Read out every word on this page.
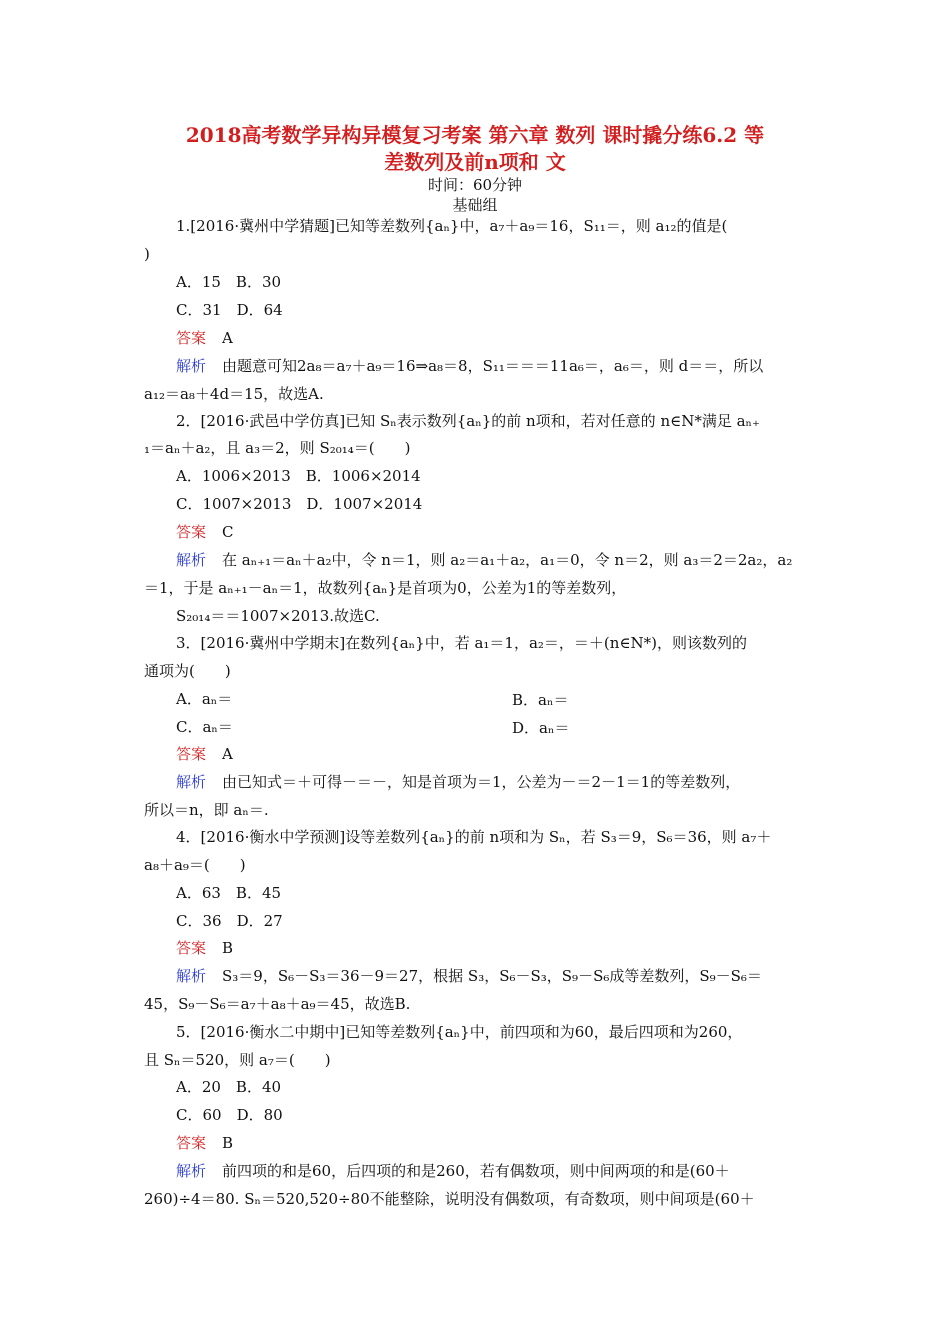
2018高考数学异构异模复习考案 第六章 数列 课时撬分练6.2 等
差数列及前n项和 文
时间：60分钟
基础组
1.[2016·冀州中学猜题]已知等差数列{aₙ}中，a₇＋a₉＝16，S₁₁＝，则 a₁₂的值是(
)
A．15　B．30
C．31　D．64
答案 A
解析 由题意可知2a₈＝a₇＋a₉＝16⇒a₈＝8，S₁₁＝＝＝11a₆＝，a₆＝，则 d＝＝，所以
a₁₂＝a₈＋4d＝15，故选A.
2．[2016·武邑中学仿真]已知 Sₙ表示数列{aₙ}的前 n项和，若对任意的 n∈N*满足 aₙ₊
₁＝aₙ＋a₂，且 a₃＝2，则 S₂₀₁₄＝(　　)
A．1006×2013　B．1006×2014
C．1007×2013　D．1007×2014
答案 C
解析 在 aₙ₊₁＝aₙ＋a₂中，令 n＝1，则 a₂＝a₁＋a₂，a₁＝0，令 n＝2，则 a₃＝2＝2a₂，a₂
＝1，于是 aₙ₊₁－aₙ＝1，故数列{aₙ}是首项为0，公差为1的等差数列，
S₂₀₁₄＝＝1007×2013.故选C.
3．[2016·冀州中学期末]在数列{aₙ}中，若 a₁＝1，a₂＝，＝＋(n∈N*)，则该数列的
通项为(　　)
A．aₙ＝	B．aₙ＝
C．aₙ＝	D．aₙ＝
答案 A
解析 由已知式＝＋可得－＝－，知是首项为＝1，公差为－＝2－1＝1的等差数列，
所以＝n，即 aₙ＝.
4．[2016·衡水中学预测]设等差数列{aₙ}的前 n项和为 Sₙ，若 S₃＝9，S₆＝36，则 a₇＋
a₈＋a₉＝(　　)
A．63　B．45
C．36　D．27
答案 B
解析 S₃＝9，S₆－S₃＝36－9＝27，根据 S₃，S₆－S₃，S₉－S₆成等差数列，S₉－S₆＝
45，S₉－S₆＝a₇＋a₈＋a₉＝45，故选B.
5．[2016·衡水二中期中]已知等差数列{aₙ}中，前四项和为60，最后四项和为260，
且 Sₙ＝520，则 a₇＝(　　)
A．20　B．40
C．60　D．80
答案 B
解析 前四项的和是60，后四项的和是260，若有偶数项，则中间两项的和是(60＋
260)÷4＝80. Sₙ＝520,520÷80不能整除，说明没有偶数项，有奇数项，则中间项是(60＋
